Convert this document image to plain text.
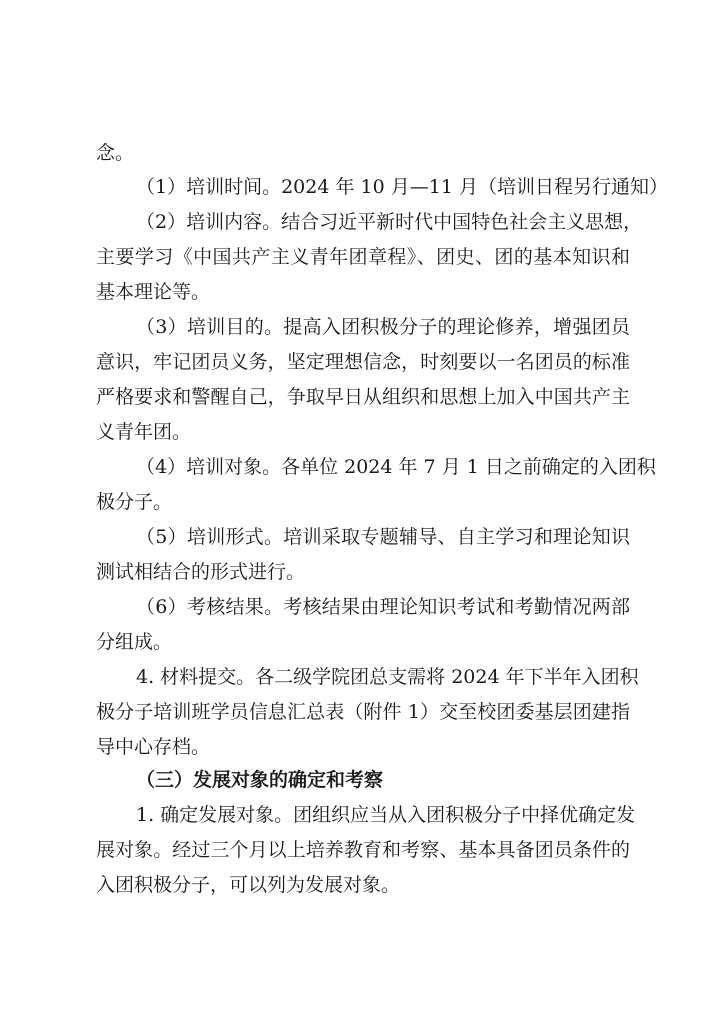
念。
（1）培训时间。2024 年 10 月—11 月（培训日程另行通知）
（2）培训内容。结合习近平新时代中国特色社会主义思想，
主要学习《中国共产主义青年团章程》、团史、团的基本知识和
基本理论等。
（3）培训目的。提高入团积极分子的理论修养，增强团员
意识，牢记团员义务，坚定理想信念，时刻要以一名团员的标准
严格要求和警醒自己，争取早日从组织和思想上加入中国共产主
义青年团。
（4）培训对象。各单位 2024 年 7 月 1 日之前确定的入团积
极分子。
（5）培训形式。培训采取专题辅导、自主学习和理论知识
测试相结合的形式进行。
（6）考核结果。考核结果由理论知识考试和考勤情况两部
分组成。
4. 材料提交。各二级学院团总支需将 2024 年下半年入团积
极分子培训班学员信息汇总表（附件 1）交至校团委基层团建指
导中心存档。
（三）发展对象的确定和考察
1. 确定发展对象。团组织应当从入团积极分子中择优确定发
展对象。经过三个月以上培养教育和考察、基本具备团员条件的
入团积极分子，可以列为发展对象。
